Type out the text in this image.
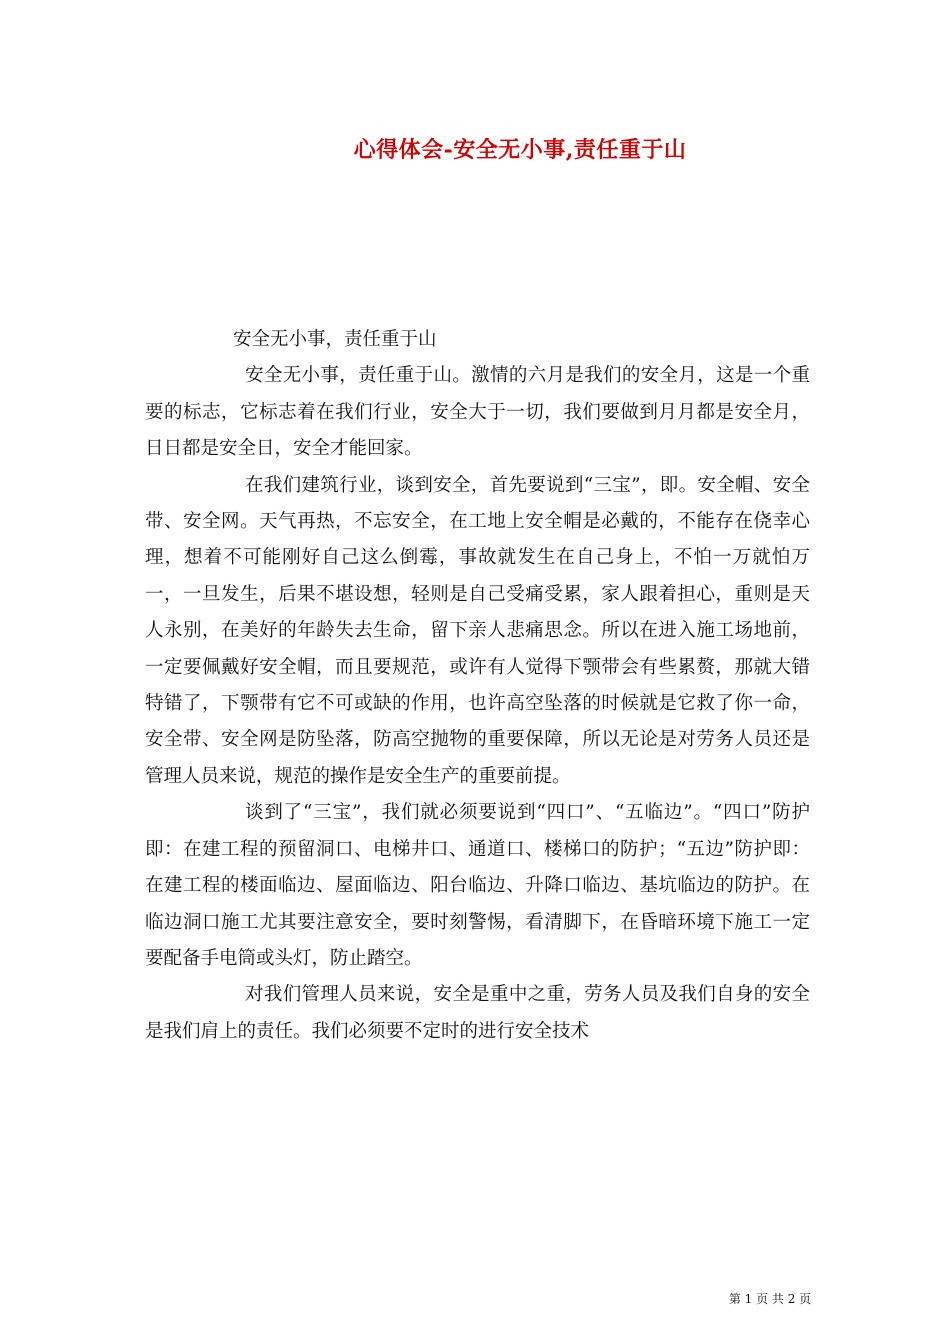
心得体会-安全无小事,责任重于山

安全无小事，责任重于山

安全无小事，责任重于山。激情的六月是我们的安全月，这是一个重要的标志，它标志着在我们行业，安全大于一切，我们要做到月月都是安全月，日日都是安全日，安全才能回家。

在我们建筑行业，谈到安全，首先要说到“三宝”，即。安全帽、安全带、安全网。天气再热，不忘安全，在工地上安全帽是必戴的，不能存在侥幸心理，想着不可能刚好自己这么倒霉，事故就发生在自己身上，不怕一万就怕万一，一旦发生，后果不堪设想，轻则是自己受痛受累，家人跟着担心，重则是天人永别，在美好的年龄失去生命，留下亲人悲痛思念。所以在进入施工场地前，一定要佩戴好安全帽，而且要规范，或许有人觉得下颚带会有些累赘，那就大错特错了，下颚带有它不可或缺的作用，也许高空坠落的时候就是它救了你一命，安全带、安全网是防坠落，防高空抛物的重要保障，所以无论是对劳务人员还是管理人员来说，规范的操作是安全生产的重要前提。

谈到了“三宝”，我们就必须要说到“四口”、“五临边”。“四口”防护即：在建工程的预留洞口、电梯井口、通道口、楼梯口的防护；“五边”防护即：在建工程的楼面临边、屋面临边、阳台临边、升降口临边、基坑临边的防护。在临边洞口施工尤其要注意安全，要时刻警惕，看清脚下，在昏暗环境下施工一定要配备手电筒或头灯，防止踏空。

对我们管理人员来说，安全是重中之重，劳务人员及我们自身的安全是我们肩上的责任。我们必须要不定时的进行安全技术

第 1 页 共 2 页
